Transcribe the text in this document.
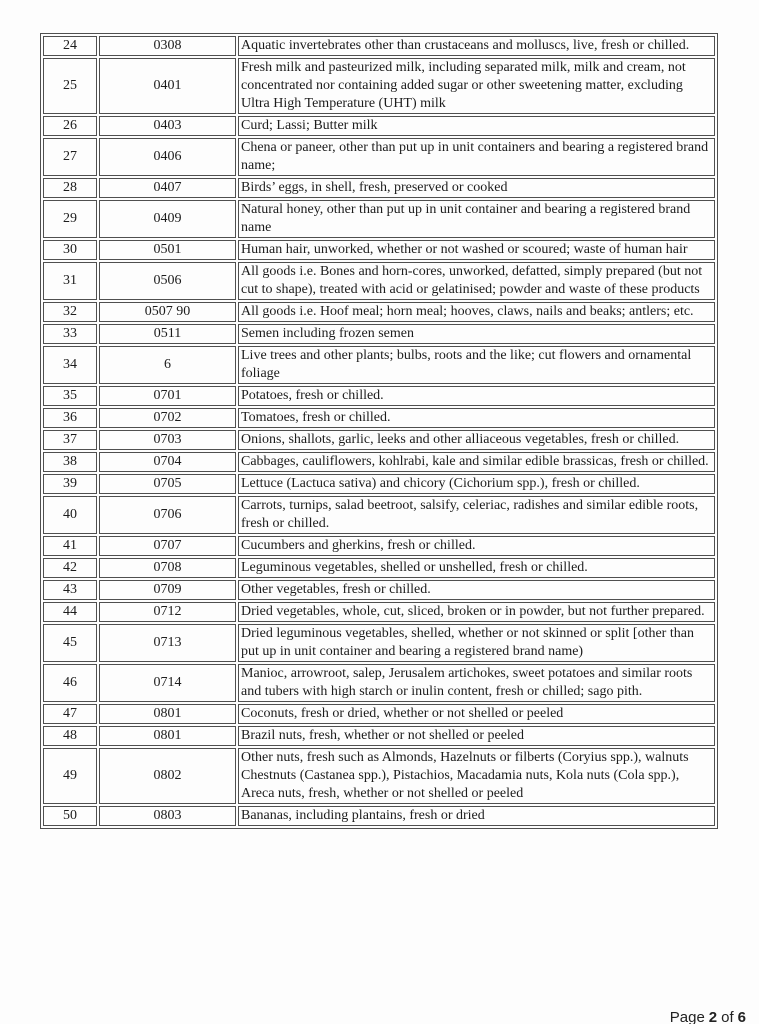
24	0308	Aquatic invertebrates other than crustaceans and molluscs, live, fresh or chilled.
25	0401	Fresh milk and pasteurized milk, including separated milk, milk and cream, not concentrated nor containing added sugar or other sweetening matter, excluding Ultra High Temperature (UHT) milk
26	0403	Curd; Lassi; Butter milk
27	0406	Chena or paneer, other than put up in unit containers and bearing a registered brand name;
28	0407	Birds’ eggs, in shell, fresh, preserved or cooked
29	0409	Natural honey, other than put up in unit container and bearing a registered brand name
30	0501	Human hair, unworked, whether or not washed or scoured; waste of human hair
31	0506	All goods i.e. Bones and horn-cores, unworked, defatted, simply prepared (but not cut to shape), treated with acid or gelatinised; powder and waste of these products
32	0507 90	All goods i.e. Hoof meal; horn meal; hooves, claws, nails and beaks; antlers; etc.
33	0511	Semen including frozen semen
34	6	Live trees and other plants; bulbs, roots and the like; cut flowers and ornamental foliage
35	0701	Potatoes, fresh or chilled.
36	0702	Tomatoes, fresh or chilled.
37	0703	Onions, shallots, garlic, leeks and other alliaceous vegetables, fresh or chilled.
38	0704	Cabbages, cauliflowers, kohlrabi, kale and similar edible brassicas, fresh or chilled.
39	0705	Lettuce (Lactuca sativa) and chicory (Cichorium spp.), fresh or chilled.
40	0706	Carrots, turnips, salad beetroot, salsify, celeriac, radishes and similar edible roots, fresh or chilled.
41	0707	Cucumbers and gherkins, fresh or chilled.
42	0708	Leguminous vegetables, shelled or unshelled, fresh or chilled.
43	0709	Other vegetables, fresh or chilled.
44	0712	Dried vegetables, whole, cut, sliced, broken or in powder, but not further prepared.
45	0713	Dried leguminous vegetables, shelled, whether or not skinned or split [other than put up in unit container and bearing a registered brand name)
46	0714	Manioc, arrowroot, salep, Jerusalem artichokes, sweet potatoes and similar roots and tubers with high starch or inulin content, fresh or chilled; sago pith.
47	0801	Coconuts, fresh or dried, whether or not shelled or peeled
48	0801	Brazil nuts, fresh, whether or not shelled or peeled
49	0802	Other nuts, fresh such as Almonds, Hazelnuts or filberts (Coryius spp.), walnuts Chestnuts (Castanea spp.), Pistachios, Macadamia nuts, Kola nuts (Cola spp.), Areca nuts, fresh, whether or not shelled or peeled
50	0803	Bananas, including plantains, fresh or dried
Page 2 of 6
